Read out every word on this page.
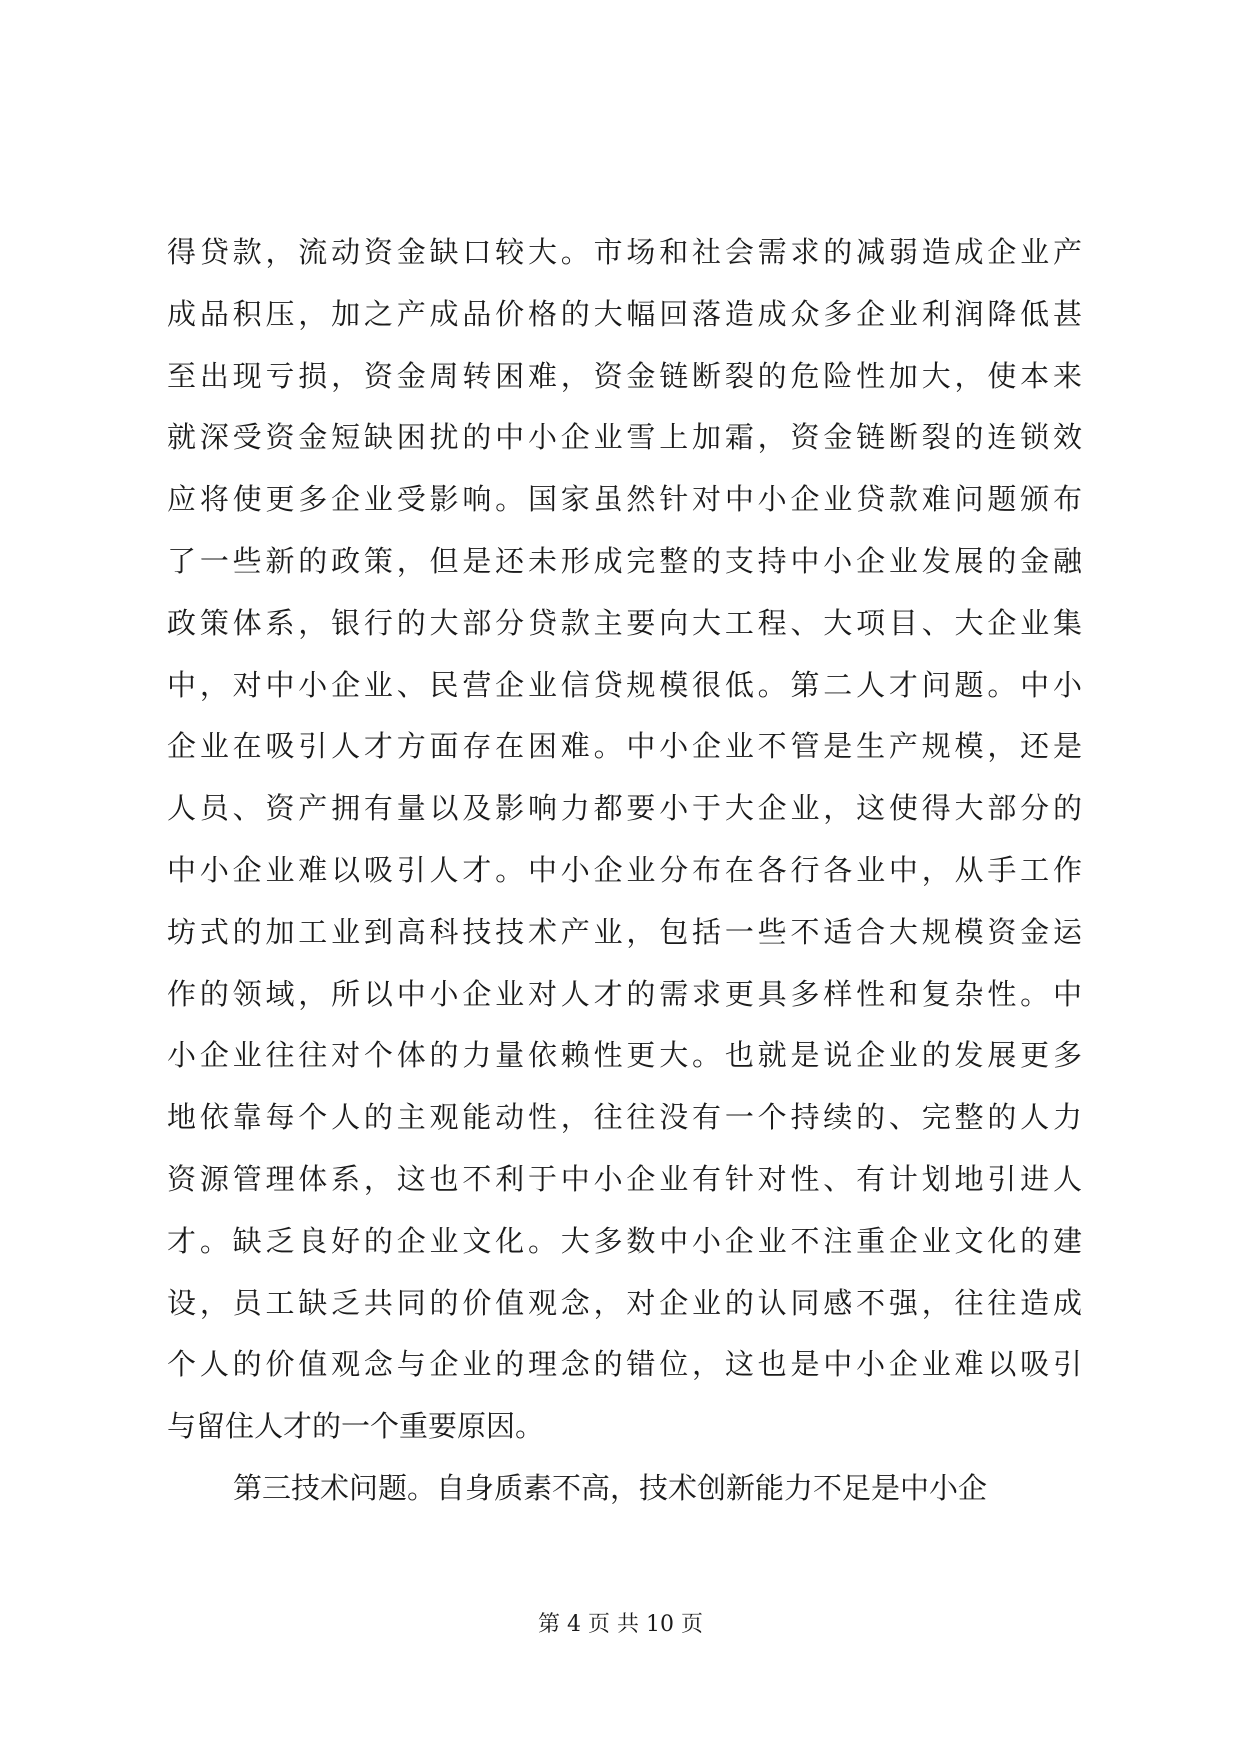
得贷款，流动资金缺口较大。市场和社会需求的减弱造成企业产
成品积压，加之产成品价格的大幅回落造成众多企业利润降低甚
至出现亏损，资金周转困难，资金链断裂的危险性加大，使本来
就深受资金短缺困扰的中小企业雪上加霜，资金链断裂的连锁效
应将使更多企业受影响。国家虽然针对中小企业贷款难问题颁布
了一些新的政策，但是还未形成完整的支持中小企业发展的金融
政策体系，银行的大部分贷款主要向大工程、大项目、大企业集
中，对中小企业、民营企业信贷规模很低。第二人才问题。中小
企业在吸引人才方面存在困难。中小企业不管是生产规模，还是
人员、资产拥有量以及影响力都要小于大企业，这使得大部分的
中小企业难以吸引人才。中小企业分布在各行各业中，从手工作
坊式的加工业到高科技技术产业，包括一些不适合大规模资金运
作的领域，所以中小企业对人才的需求更具多样性和复杂性。中
小企业往往对个体的力量依赖性更大。也就是说企业的发展更多
地依靠每个人的主观能动性，往往没有一个持续的、完整的人力
资源管理体系，这也不利于中小企业有针对性、有计划地引进人
才。缺乏良好的企业文化。大多数中小企业不注重企业文化的建
设，员工缺乏共同的价值观念，对企业的认同感不强，往往造成
个人的价值观念与企业的理念的错位，这也是中小企业难以吸引
与留住人才的一个重要原因。
第三技术问题。自身质素不高，技术创新能力不足是中小企
第 4 页 共 10 页
